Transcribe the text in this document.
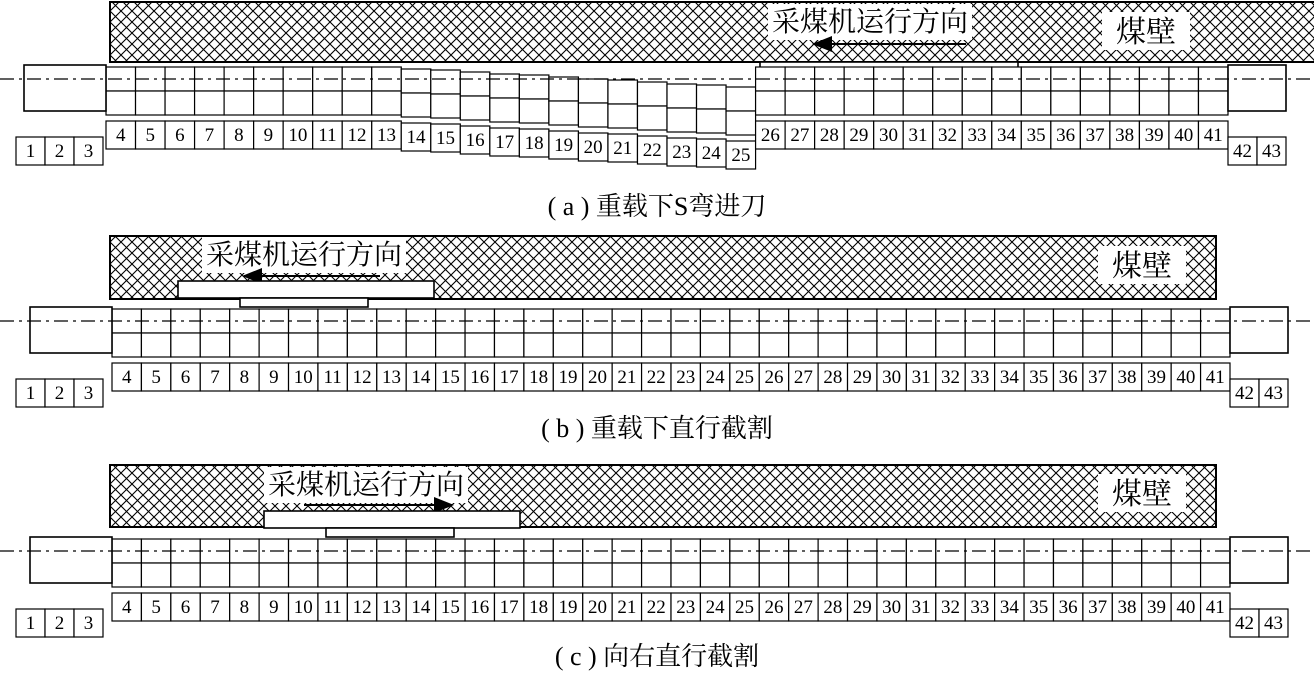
煤壁
采煤机运行方向
1 2 3
4 5 6 7 8 9 10 11 12 13 14 15 16 17 18 19 20 21 22 23 24 25
26 27 28 29 30 31 32 33 34 35 36 37 38 39 40 41
42 43
( a ) 重载下S弯进刀
煤壁
采煤机运行方向
1 2 3
4 5 6 7 8 9 10 11 12 13 14 15 16 17 18 19 20 21 22 23 24 25 26 27 28 29 30 31 32 33 34 35 36 37 38 39 40 41
42 43
( b ) 重载下直行截割
煤壁
采煤机运行方向
1 2 3
4 5 6 7 8 9 10 11 12 13 14 15 16 17 18 19 20 21 22 23 24 25 26 27 28 29 30 31 32 33 34 35 36 37 38 39 40 41
42 43
( c ) 向右直行截割
